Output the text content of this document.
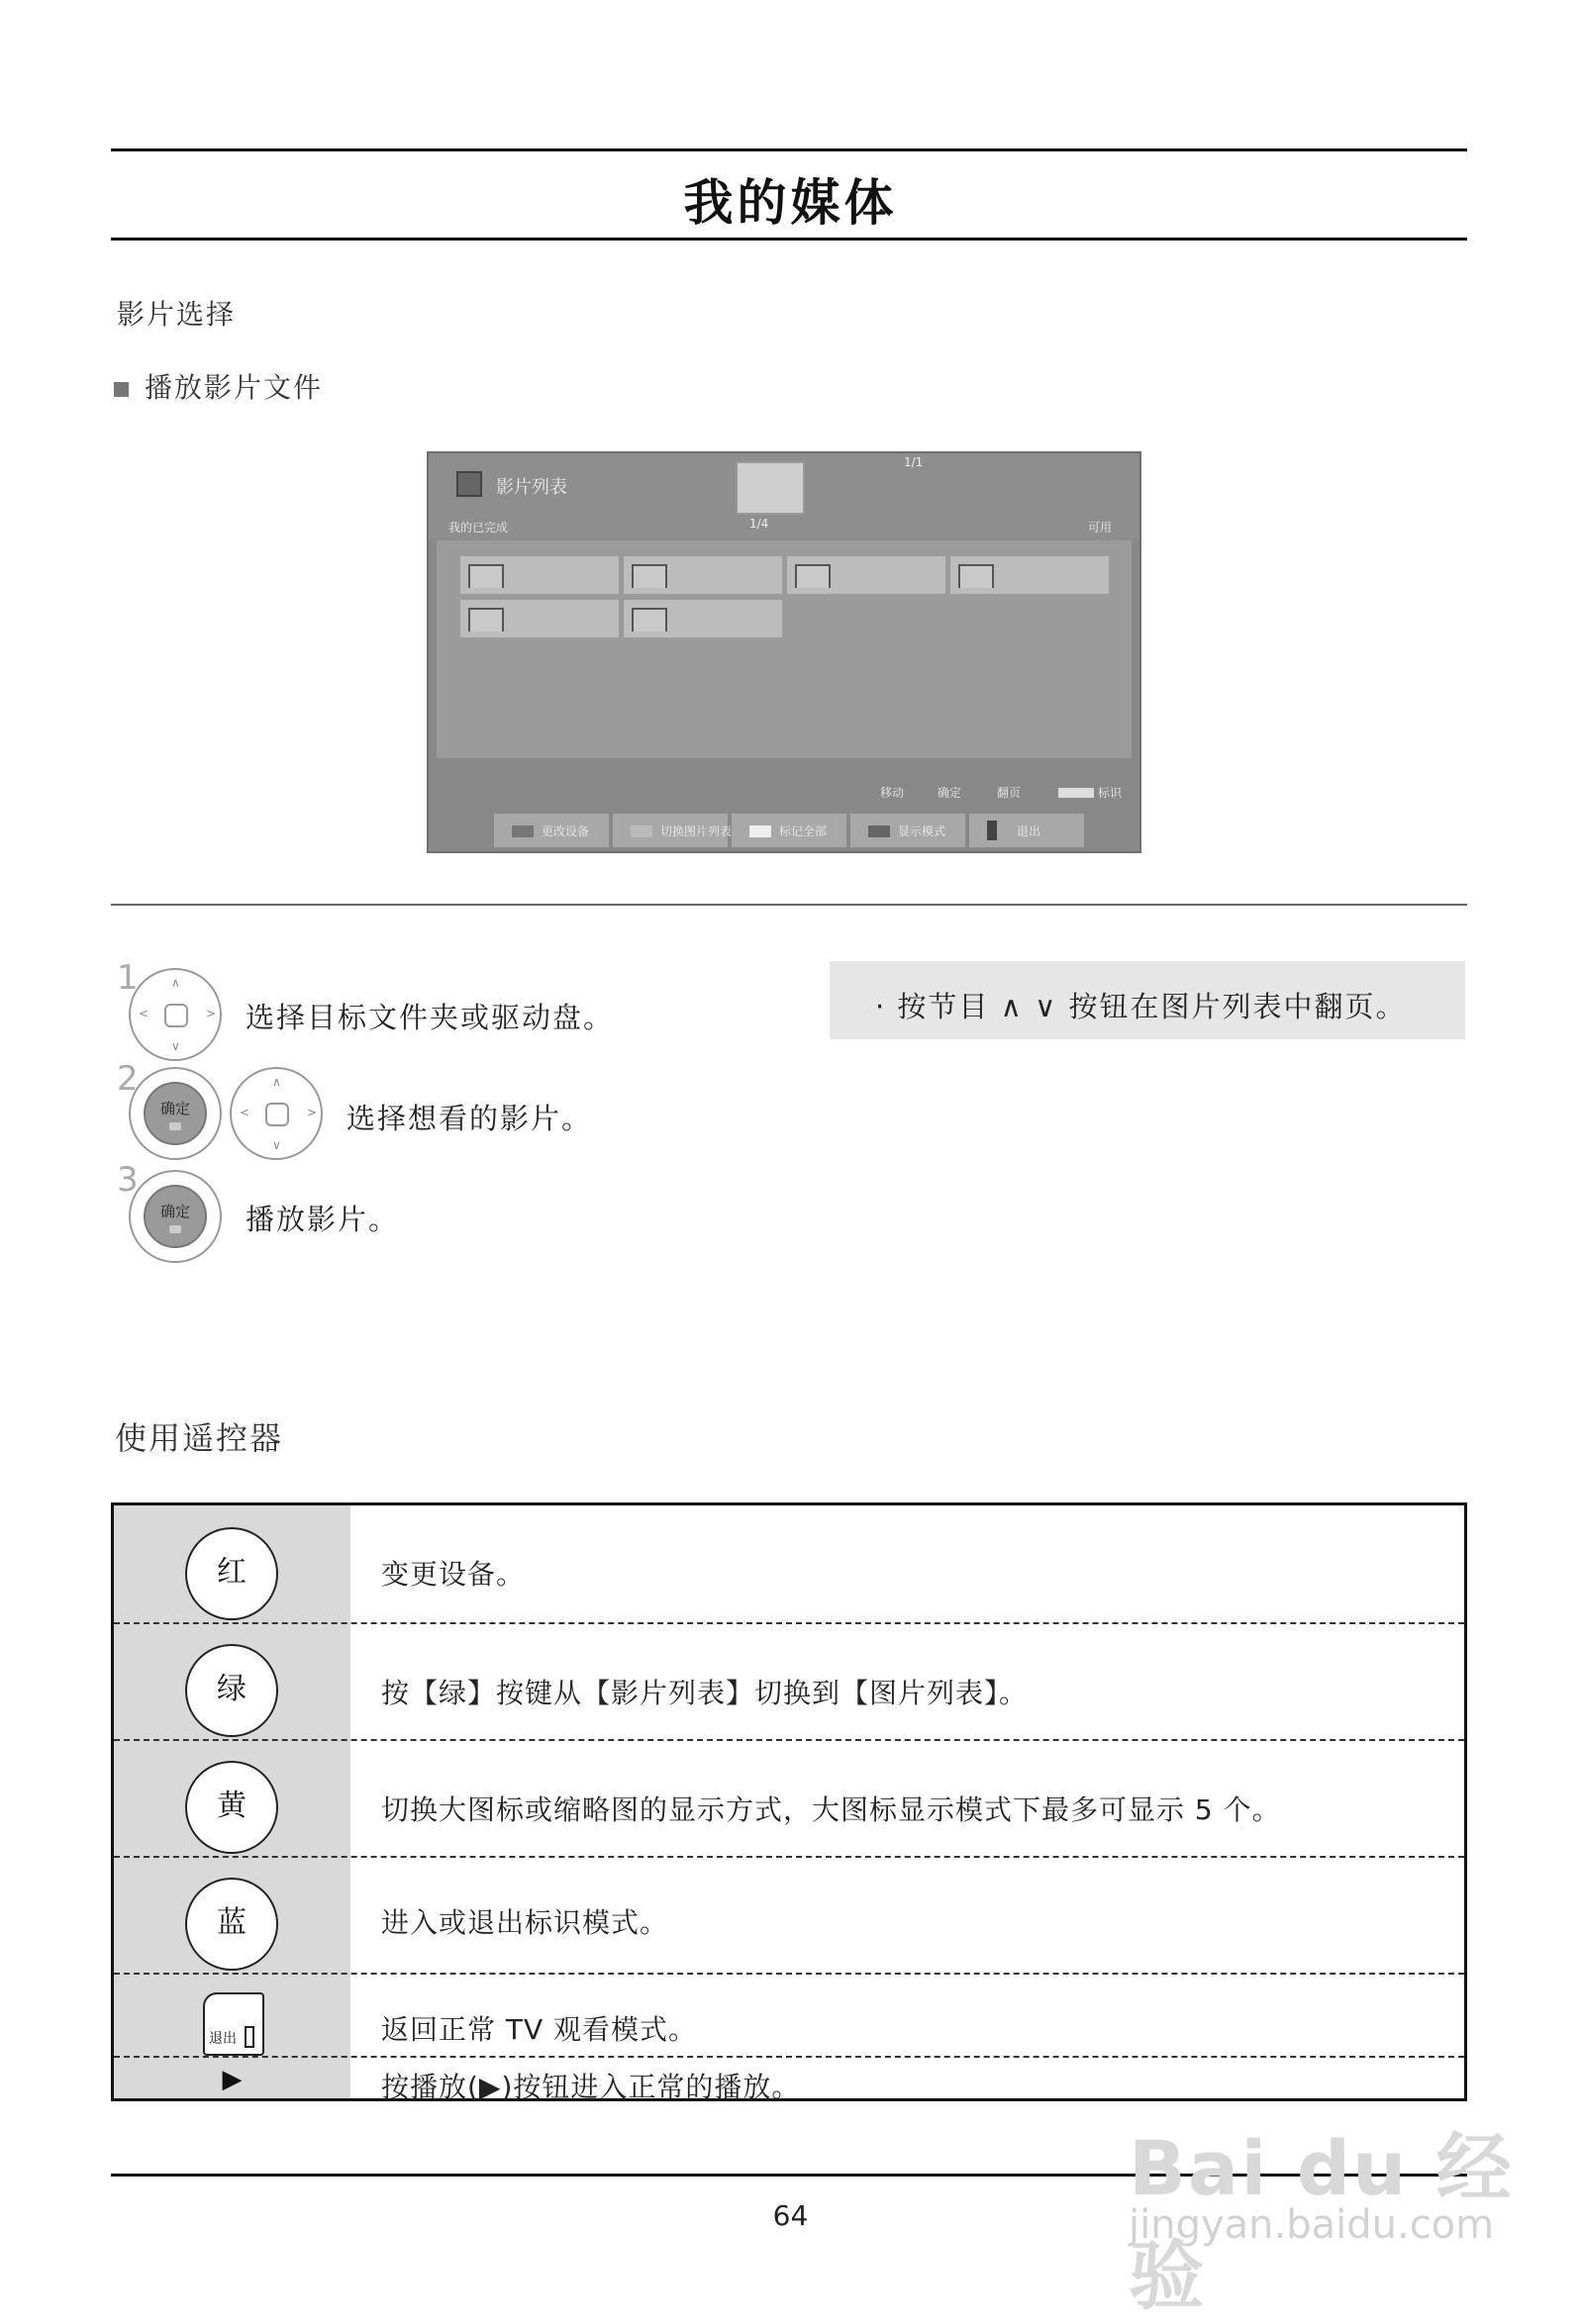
我的媒体
影片选择
播放影片文件
影片列表
我的已完成	1/4
1/1
可用
移动	确定	翻页	标识
更改设备	切换图片列表	标记全部	显示模式	退出
1	∧
∨
<	> 选择目标文件夹或驱动盘。
2
确定
∧
∨
<	> 选择想看的影片。
3
确定	播放影片。
· 按节目 ∧ ∨ 按钮在图片列表中翻页。
使用遥控器
红	变更设备。
绿	按【绿】按键从【影片列表】切换到【图片列表】。
黄	切换大图标或缩略图的显示方式，大图标显示模式下最多可显示 5 个。
蓝	进入或退出标识模式。
退出	返回正常 TV 观看模式。
▶	按播放(▶)按钮进入正常的播放。
64
Bai du 经验
jingyan.baidu.com
